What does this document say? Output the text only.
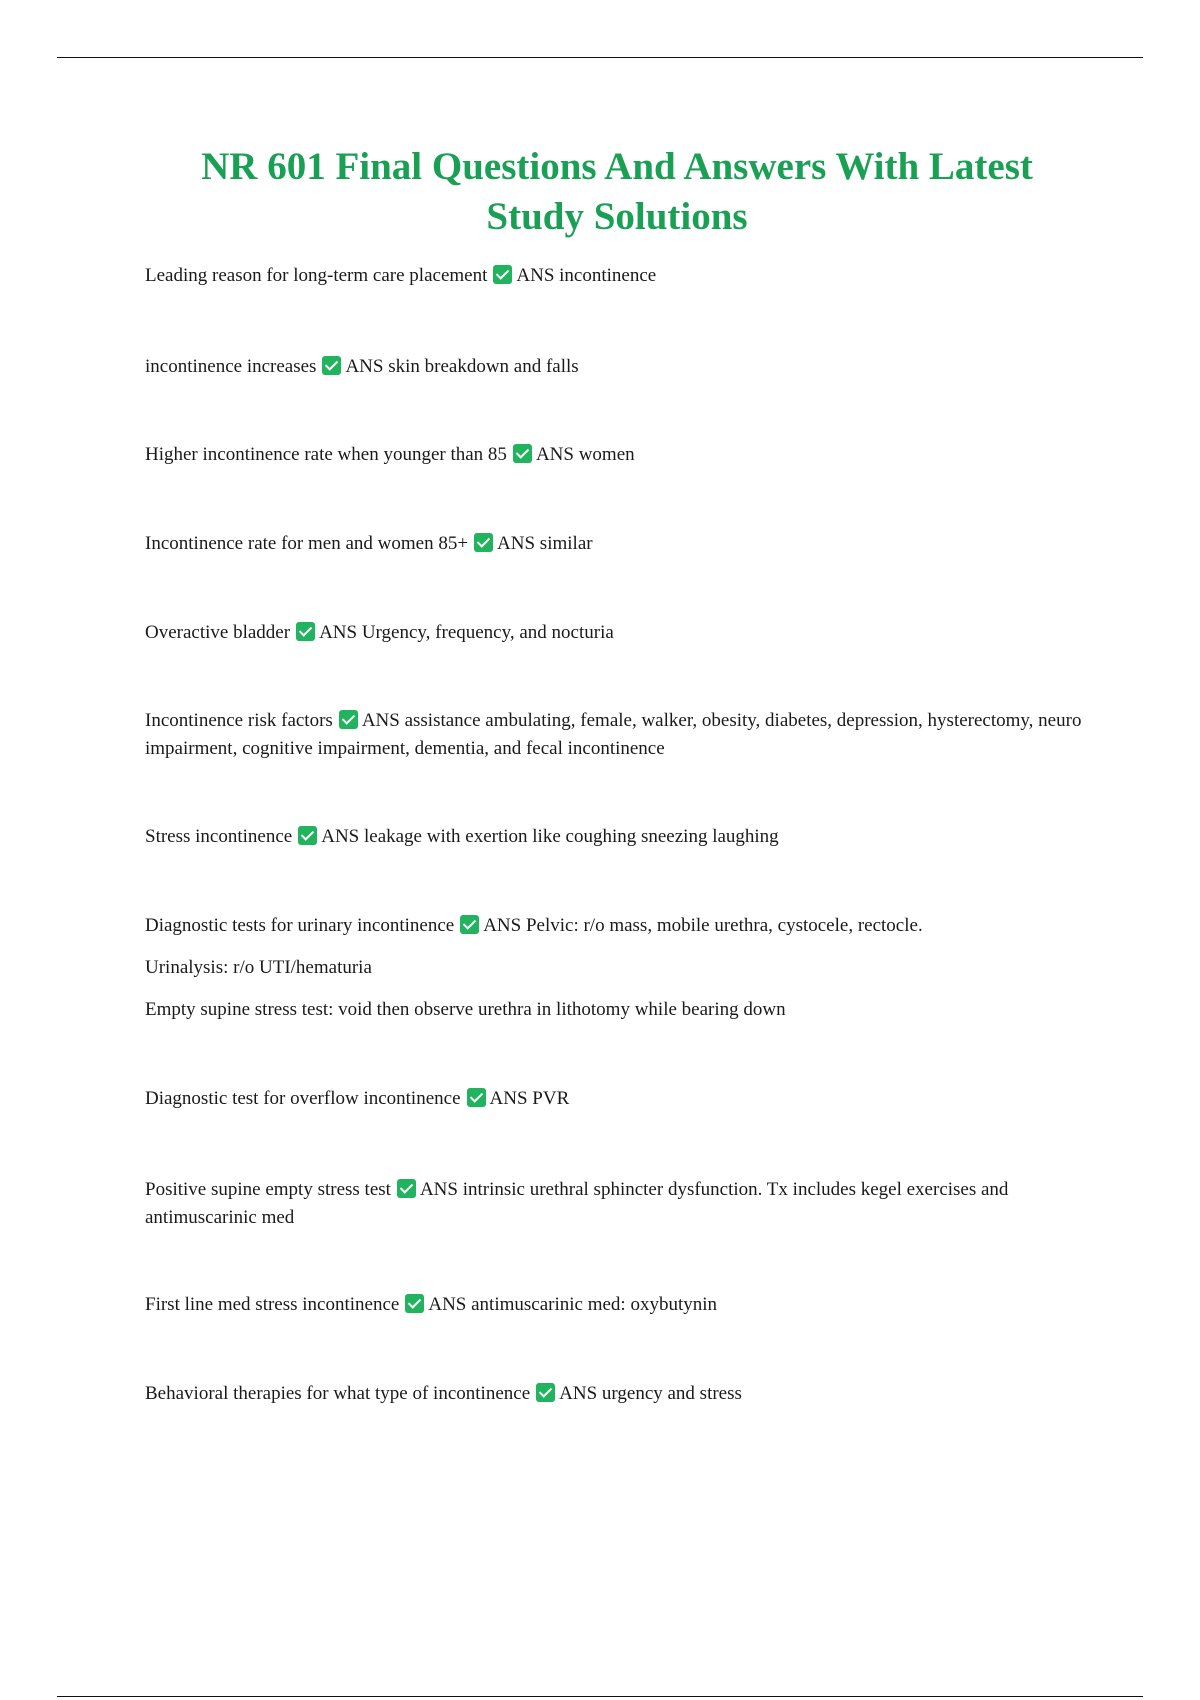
NR 601 Final Questions And Answers With Latest Study Solutions

Leading reason for long-term care placement ANS incontinence

incontinence increases ANS skin breakdown and falls

Higher incontinence rate when younger than 85 ANS women

Incontinence rate for men and women 85+ ANS similar

Overactive bladder ANS Urgency, frequency, and nocturia

Incontinence risk factors ANS assistance ambulating, female, walker, obesity, diabetes, depression, hysterectomy, neuro impairment, cognitive impairment, dementia, and fecal incontinence

Stress incontinence ANS leakage with exertion like coughing sneezing laughing

Diagnostic tests for urinary incontinence ANS Pelvic: r/o mass, mobile urethra, cystocele, rectocle.

Urinalysis: r/o UTI/hematuria

Empty supine stress test: void then observe urethra in lithotomy while bearing down

Diagnostic test for overflow incontinence ANS PVR

Positive supine empty stress test ANS intrinsic urethral sphincter dysfunction. Tx includes kegel exercises and antimuscarinic med

First line med stress incontinence ANS antimuscarinic med: oxybutynin

Behavioral therapies for what type of incontinence ANS urgency and stress
